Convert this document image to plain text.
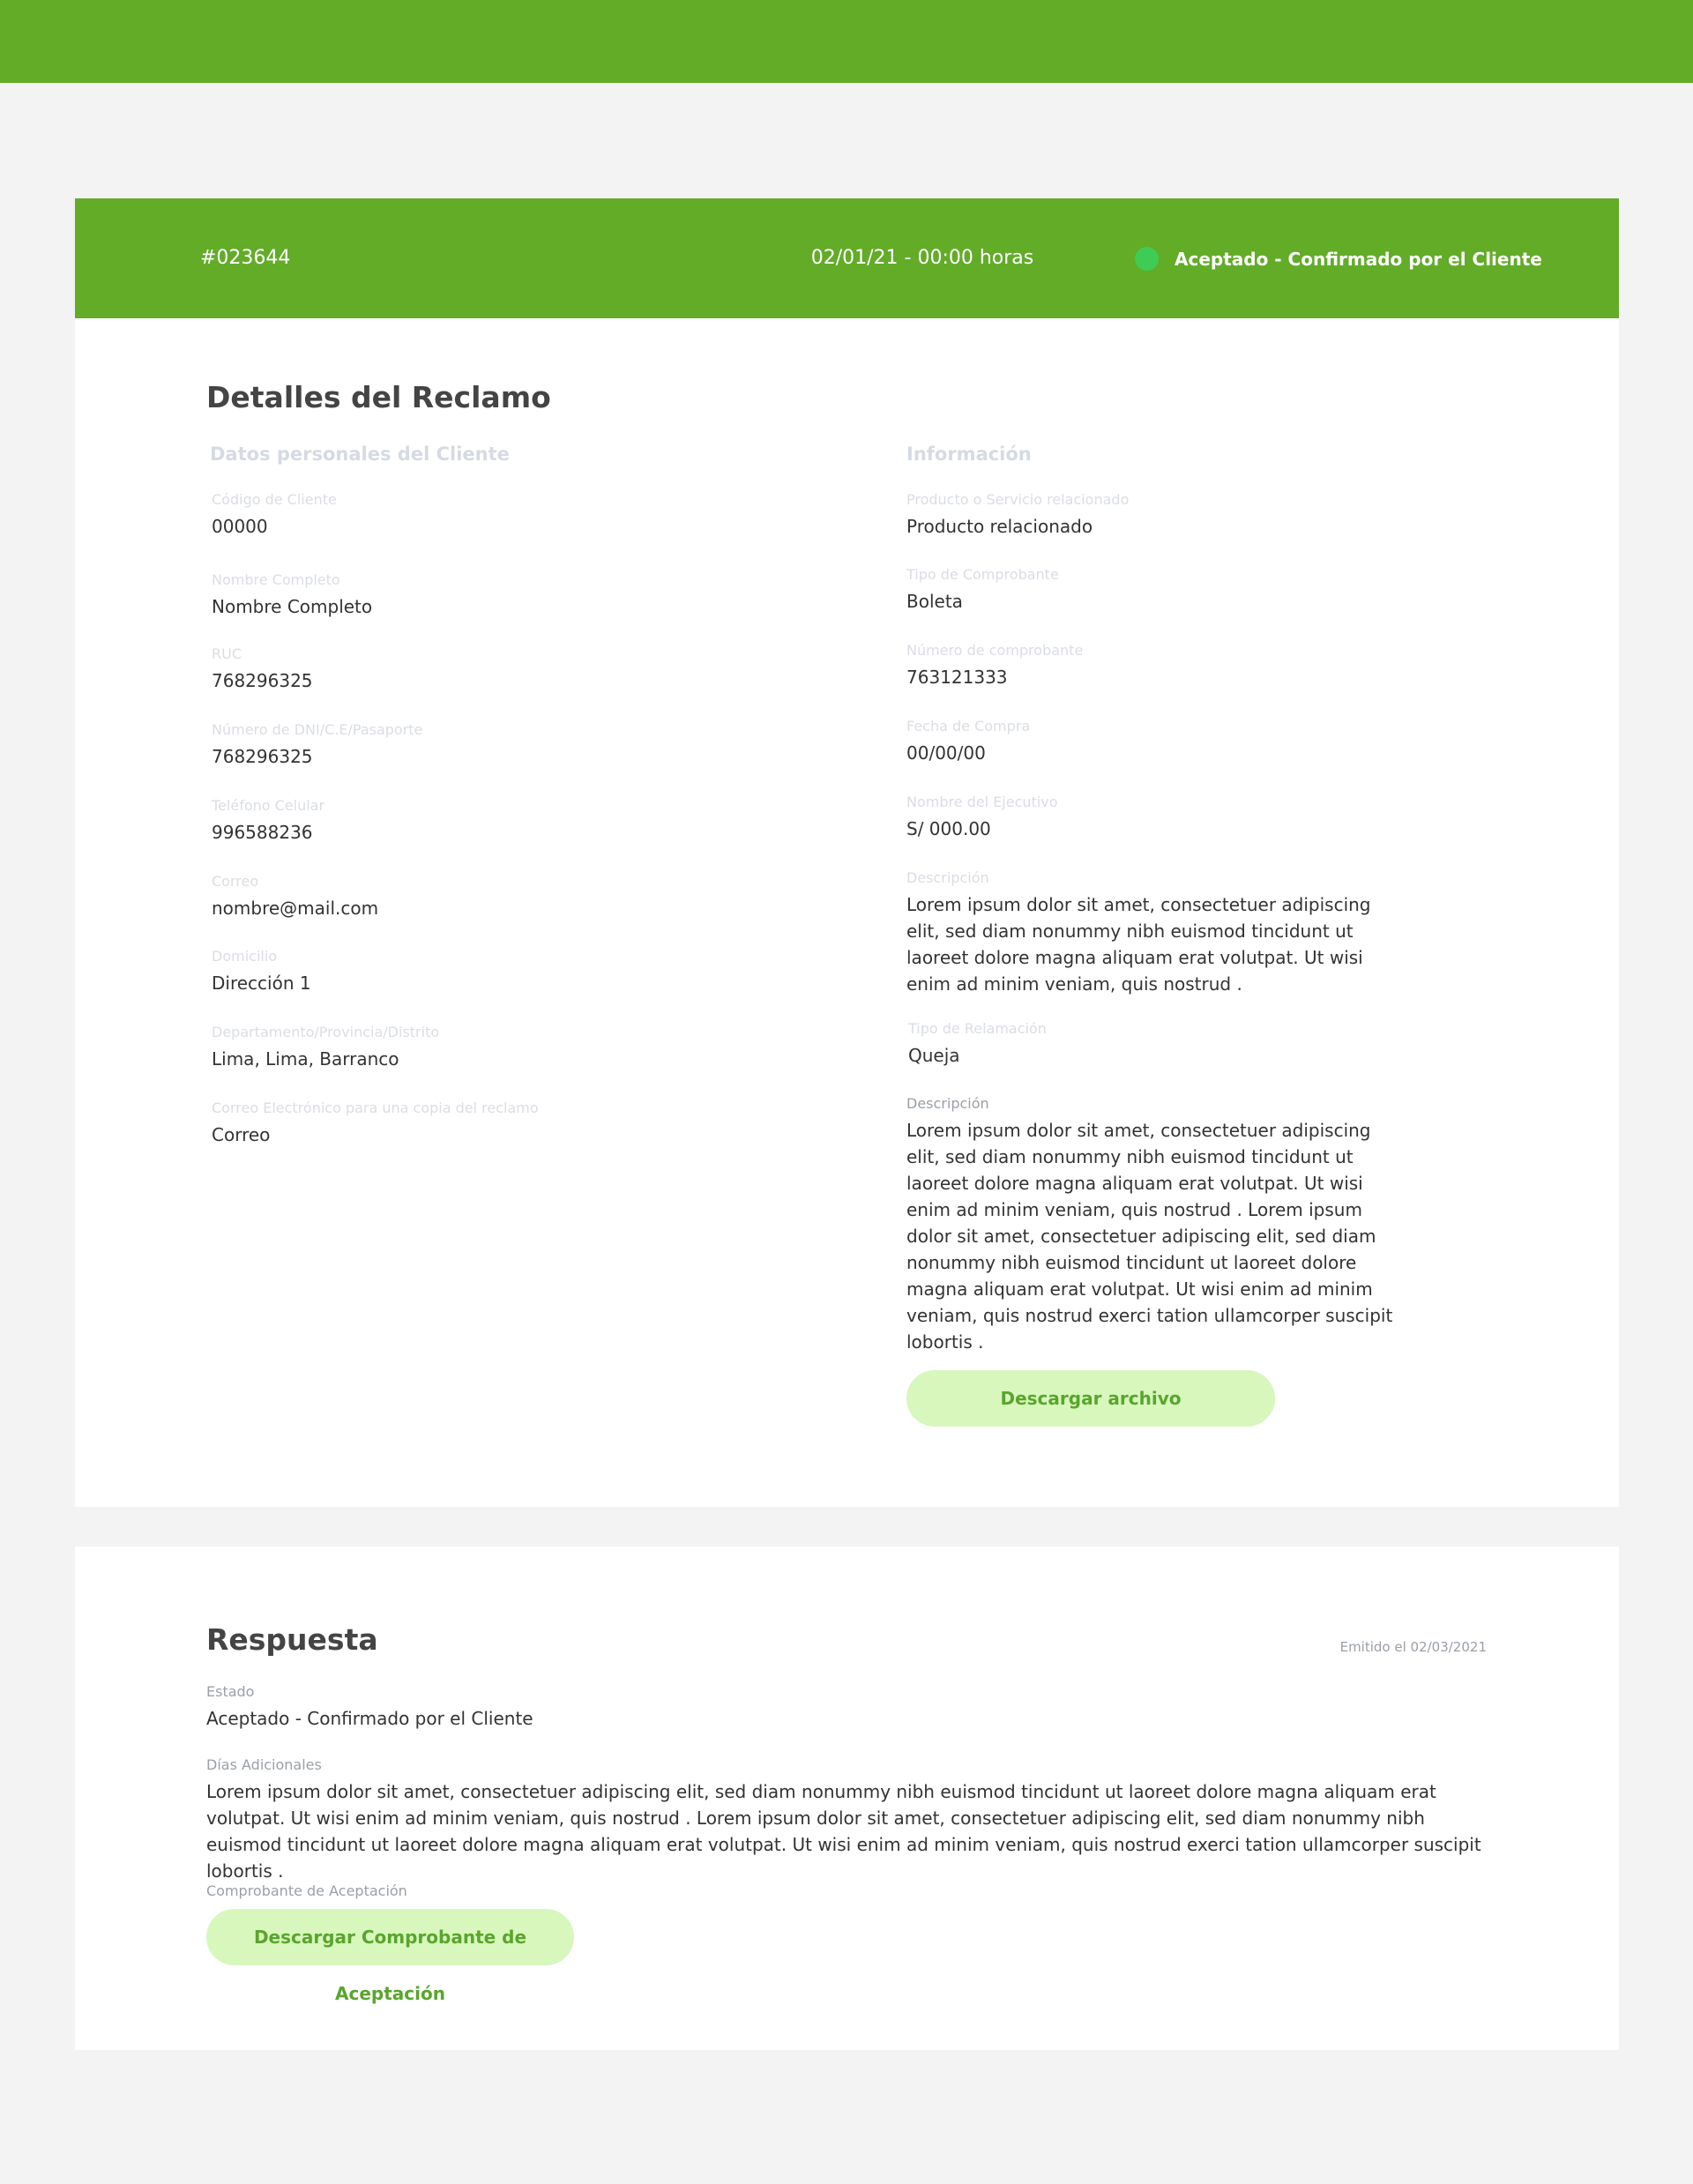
#023644	02/01/21 - 00:00 horas	Aceptado - Confirmado por el Cliente
Detalles del Reclamo
Datos personales del Cliente
Código de Cliente
00000
Nombre Completo
Nombre Completo
RUC
768296325
Número de DNI/C.E/Pasaporte
768296325
Teléfono Celular
996588236
Correo
nombre@mail.com
Domicilio
Dirección 1
Departamento/Provincia/Distrito
Lima, Lima, Barranco
Correo Electrónico para una copia del reclamo
Correo
Información
Producto o Servicio relacionado
Producto relacionado
Tipo de Comprobante
Boleta
Número de comprobante
763121333
Fecha de Compra
00/00/00
Nombre del Ejecutivo
S/ 000.00
Descripción
Lorem ipsum dolor sit amet, consectetuer adipiscing elit, sed diam nonummy nibh euismod tincidunt ut laoreet dolore magna aliquam erat volutpat. Ut wisi enim ad minim veniam, quis nostrud .
Tipo de Relamación
Queja
Descripción
Lorem ipsum dolor sit amet, consectetuer adipiscing elit, sed diam nonummy nibh euismod tincidunt ut laoreet dolore magna aliquam erat volutpat. Ut wisi enim ad minim veniam, quis nostrud . Lorem ipsum dolor sit amet, consectetuer adipiscing elit, sed diam nonummy nibh euismod tincidunt ut laoreet dolore magna aliquam erat volutpat. Ut wisi enim ad minim veniam, quis nostrud exerci tation ullamcorper suscipit lobortis .
Descargar archivo
Respuesta	Emitido el 02/03/2021
Estado
Aceptado - Confirmado por el Cliente
Días Adicionales
Lorem ipsum dolor sit amet, consectetuer adipiscing elit, sed diam nonummy nibh euismod tincidunt ut laoreet dolore magna aliquam erat volutpat. Ut wisi enim ad minim veniam, quis nostrud . Lorem ipsum dolor sit amet, consectetuer adipiscing elit, sed diam nonummy nibh euismod tincidunt ut laoreet dolore magna aliquam erat volutpat. Ut wisi enim ad minim veniam, quis nostrud exerci tation ullamcorper suscipit lobortis .
Comprobante de Aceptación
Descargar Comprobante de Aceptación
